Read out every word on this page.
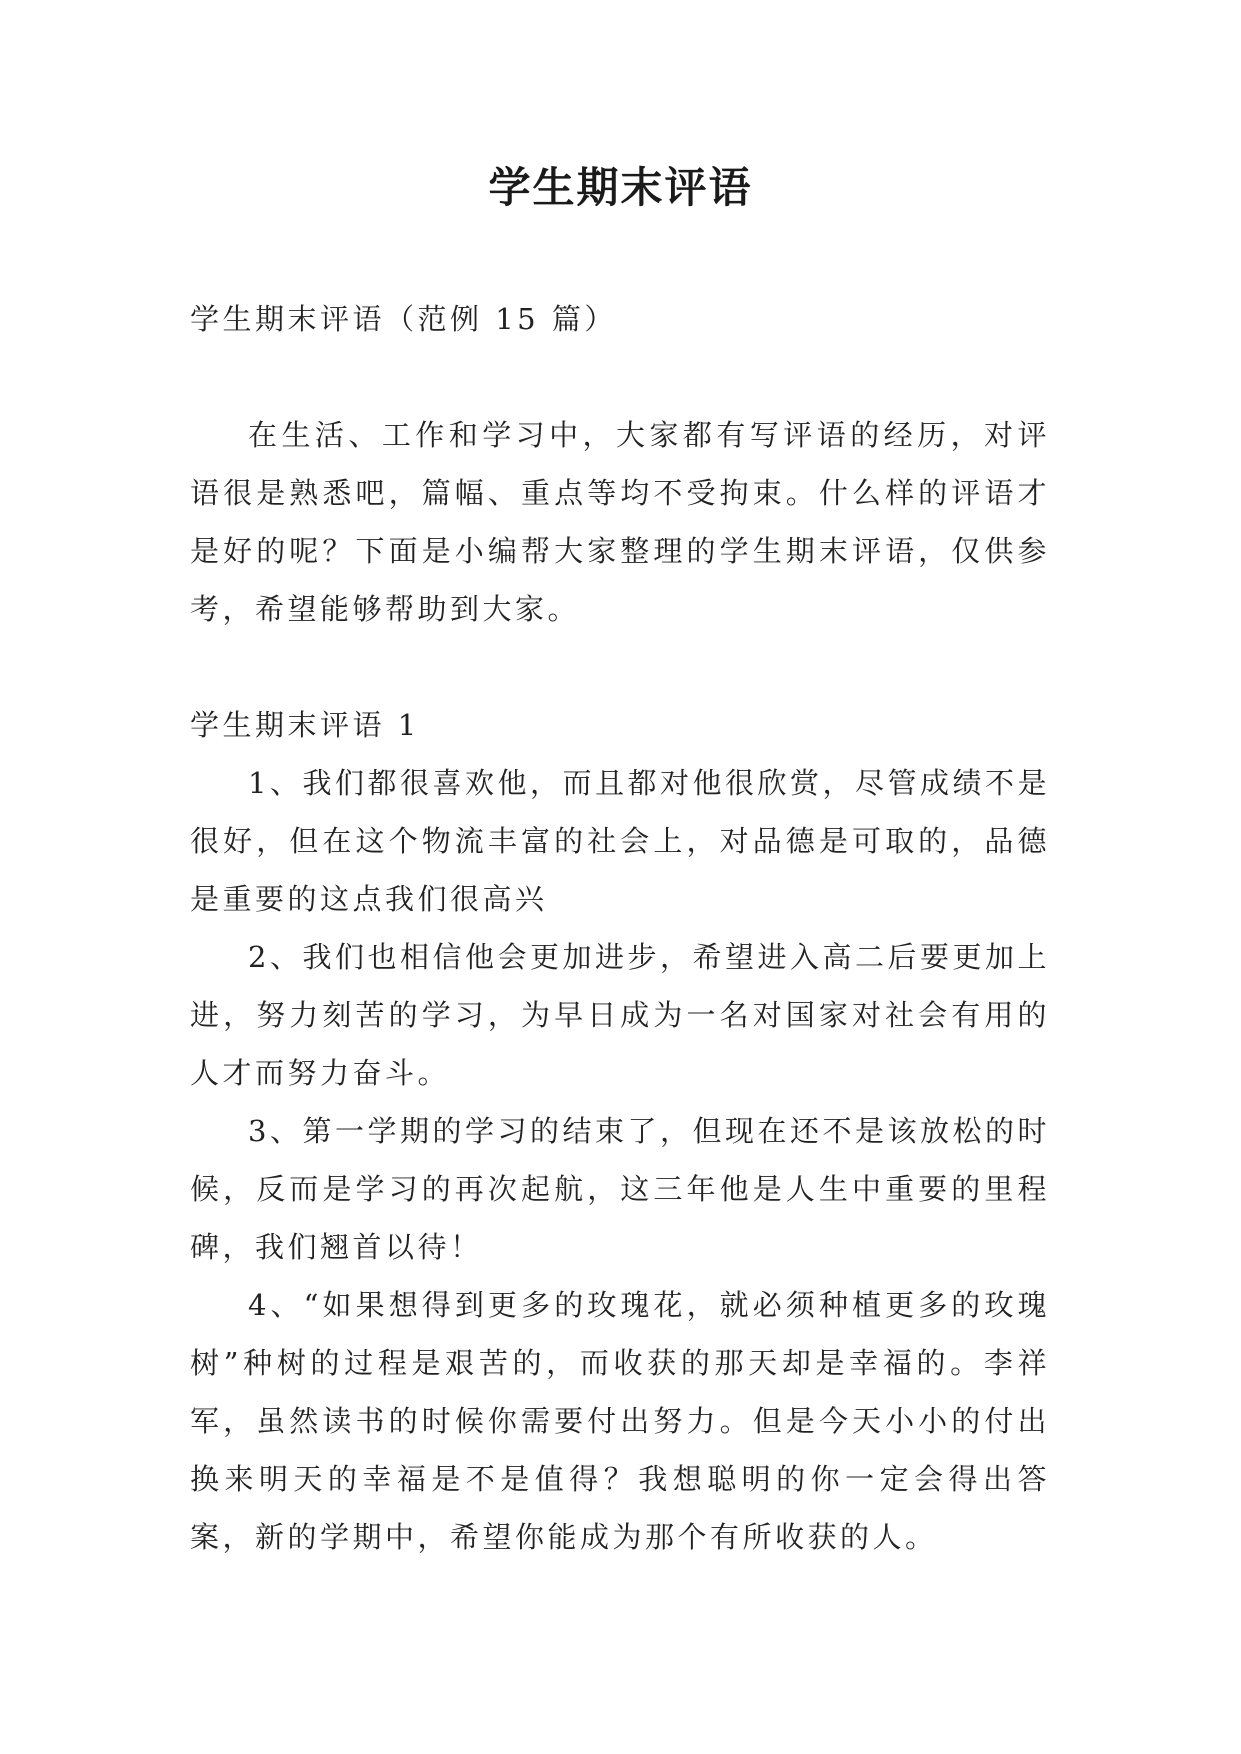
学生期末评语

学生期末评语（范例 15 篇）

在生活、工作和学习中，大家都有写评语的经历，对评语很是熟悉吧，篇幅、重点等均不受拘束。什么样的评语才是好的呢？下面是小编帮大家整理的学生期末评语，仅供参考，希望能够帮助到大家。

学生期末评语 1

1、我们都很喜欢他，而且都对他很欣赏，尽管成绩不是很好，但在这个物流丰富的社会上，对品德是可取的，品德是重要的这点我们很高兴

2、我们也相信他会更加进步，希望进入高二后要更加上进，努力刻苦的学习，为早日成为一名对国家对社会有用的人才而努力奋斗。

3、第一学期的学习的结束了，但现在还不是该放松的时候，反而是学习的再次起航，这三年他是人生中重要的里程碑，我们翘首以待！

4、“如果想得到更多的玫瑰花，就必须种植更多的玫瑰树”种树的过程是艰苦的，而收获的那天却是幸福的。李祥军，虽然读书的时候你需要付出努力。但是今天小小的付出换来明天的幸福是不是值得？我想聪明的你一定会得出答案，新的学期中，希望你能成为那个有所收获的人。
